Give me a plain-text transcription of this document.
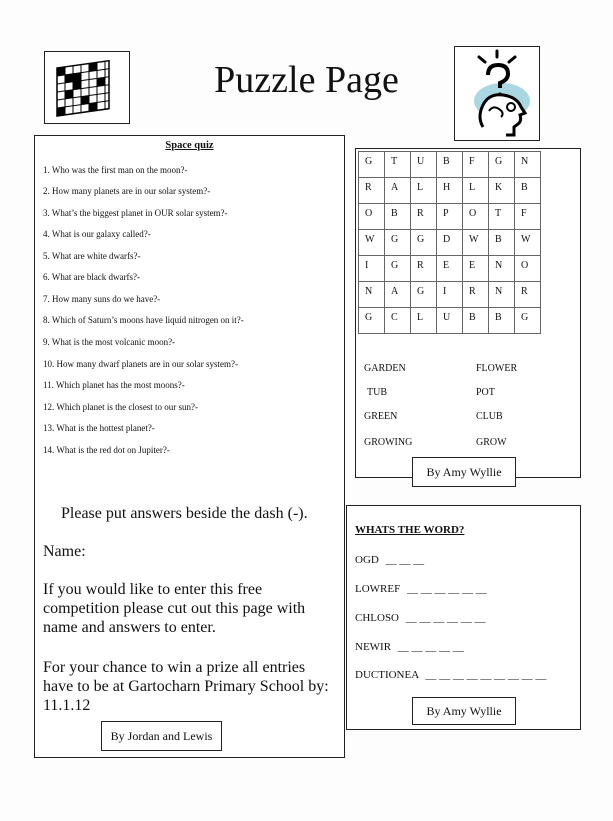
Puzzle Page
Space quiz
1. Who was the first man on the moon?-
2. How many planets are in our solar system?-
3. What’s the biggest planet in OUR solar system?-
4. What is our galaxy called?-
5. What are white dwarfs?-
6. What are black dwarfs?-
7. How many suns do we have?-
8. Which of Saturn’s moons have liquid nitrogen on it?-
9. What is the most volcanic moon?-
10. How many dwarf planets are in our solar system?-
11. Which planet has the most moons?-
12. Which planet is the closest to our sun?-
13. What is the hottest planet?-
14. What is the red dot on Jupiter?-
Please put answers beside the dash (-).
Name:
If you would like to enter this free competition please cut out this page with name and answers to enter.
For your chance to win a prize all entries have to be at Gartocharn Primary School by: 11.1.12
By Jordan and Lewis
G	T	U	B	F	G	N

R	A	L	H	L	K	B

O	B	R	P	O	T	F

W	G	G	D	W	B	W

I	G	R	E	E	N	O

N	A	G	I	R	N	R

G	C	L	U	B	B	G
GARDEN	FLOWER
TUB	POT
GREEN	CLUB
GROWING	GROW
By Amy Wyllie
WHATS THE WORD?
OGD __ __ __
LOWREF __ __ __ __ __ __
CHLOSO __ __ __ __ __ __
NEWIR __ __ __ __ __
DUCTIONEA __ __ __ __ __ __ __ __ __
By Amy Wyllie
